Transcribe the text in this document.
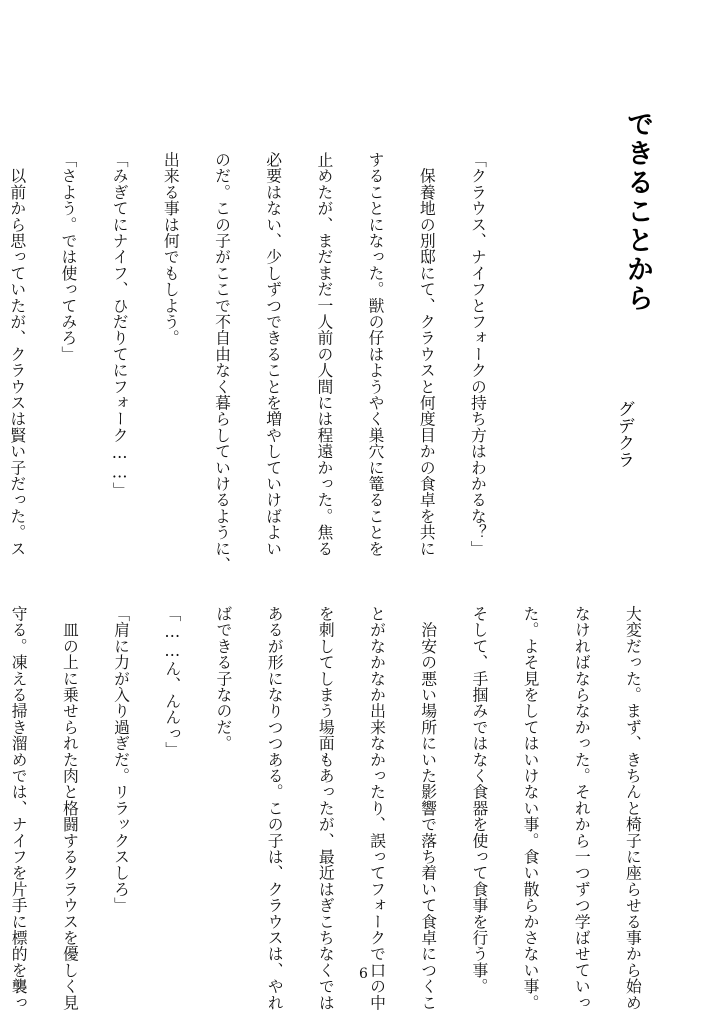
できることから
グデクラ

「クラウス、ナイフとフォークの持ち方はわかるな？」

　保養地の別邸にて、クラウスと何度目かの食卓を共に

することになった。獣の仔はようやく巣穴に篭ることを

止めたが、まだまだ一人前の人間には程遠かった。焦る

必要はない、少しずつできることを増やしていけばよい

のだ。この子がここで不自由なく暮らしていけるように、

出来る事は何でもしよう。

「みぎてにナイフ、ひだりてにフォーク……」

「さよう。では使ってみろ」

　以前から思っていたが、クラウスは賢い子だった。ス

大変だった。まず、きちんと椅子に座らせる事から始め

なければならなかった。それから一つずつ学ばせていっ

た。よそ見をしてはいけない事。食い散らかさない事。

そして、手掴みではなく食器を使って食事を行う事。

　治安の悪い場所にいた影響で落ち着いて食卓につくこ

とがなかなか出来なかったり、誤ってフォークで口の中

を刺してしまう場面もあったが、最近はぎこちなくでは

あるが形になりつつある。この子は、クラウスは、やれ

ばできる子なのだ。

「……ん、んんっ」

「肩に力が入り過ぎだ。リラックスしろ」

　皿の上に乗せられた肉と格闘するクラウスを優しく見

守る。凍える掃き溜めでは、ナイフを片手に標的を襲っ

	6
